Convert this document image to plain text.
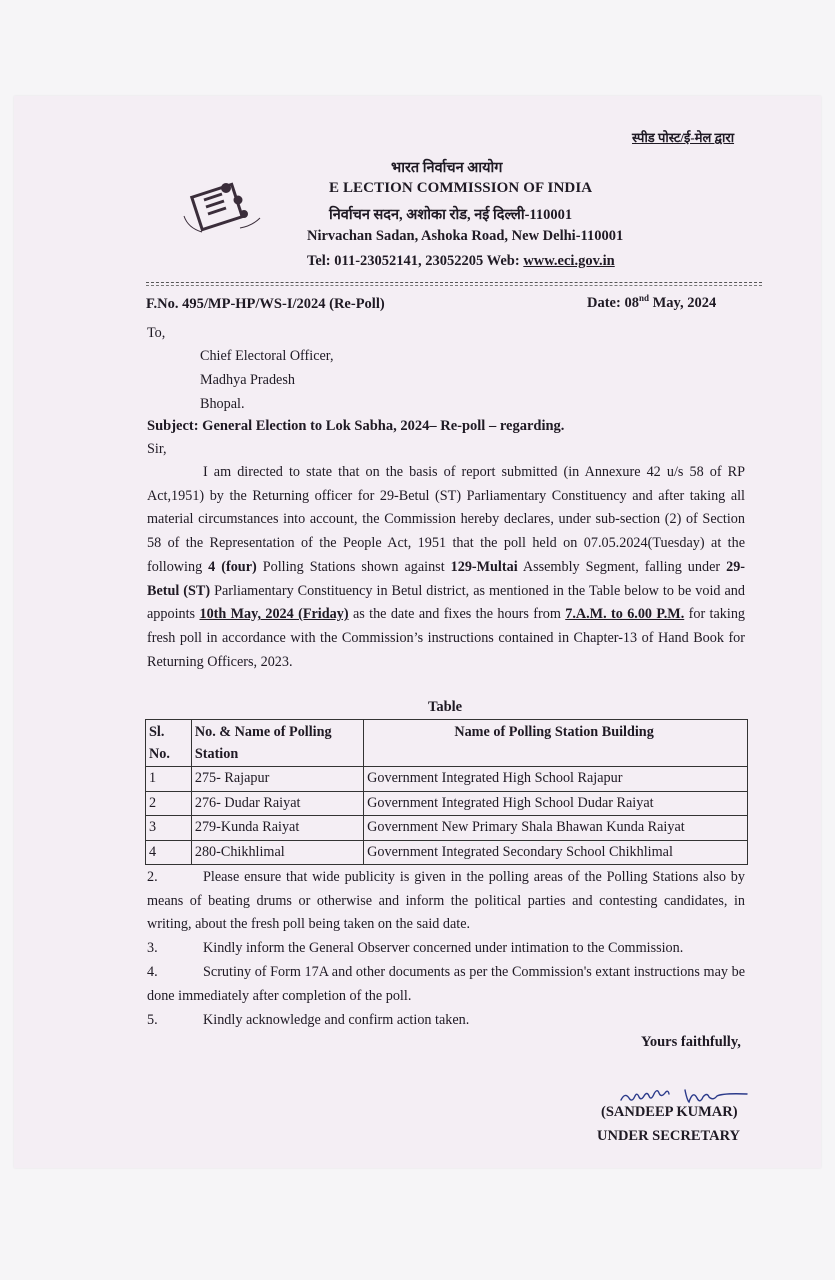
स्पीड पोस्ट/ई-मेल द्वारा
भारत निर्वाचन आयोग
E LECTION COMMISSION OF INDIA
निर्वाचन सदन, अशोका रोड, नई दिल्ली-110001
Nirvachan Sadan, Ashoka Road, New Delhi-110001
Tel: 011-23052141, 23052205 Web: www.eci.gov.in
F.No. 495/MP-HP/WS-I/2024 (Re-Poll)	Date: 08nd May, 2024
To,
Chief Electoral Officer,
Madhya Pradesh
Bhopal.
Subject: General Election to Lok Sabha, 2024– Re-poll – regarding.
Sir,

I am directed to state that on the basis of report submitted (in Annexure 42 u/s 58 of RP Act,1951) by the Returning officer for 29-Betul (ST) Parliamentary Constituency and after taking all material circumstances into account, the Commission hereby declares, under sub-section (2) of Section 58 of the Representation of the People Act, 1951 that the poll held on 07.05.2024(Tuesday) at the following 4 (four) Polling Stations shown against 129-Multai Assembly Segment, falling under 29- Betul (ST) Parliamentary Constituency in Betul district, as mentioned in the Table below to be void and appoints 10th May, 2024 (Friday) as the date and fixes the hours from 7.A.M. to 6.00 P.M. for taking fresh poll in accordance with the Commission’s instructions contained in Chapter-13 of Hand Book for Returning Officers, 2023.

Table
Sl. No.	No. & Name of Polling Station	Name of Polling Station Building
1	275- Rajapur	Government Integrated High School Rajapur
2	276- Dudar Raiyat	Government Integrated High School Dudar Raiyat
3	279-Kunda Raiyat	Government New Primary Shala Bhawan Kunda Raiyat
4	280-Chikhlimal	Government Integrated Secondary School Chikhlimal
2.	Please ensure that wide publicity is given in the polling areas of the Polling Stations also by means of beating drums or otherwise and inform the political parties and contesting candidates, in writing, about the fresh poll being taken on the said date.
3.	Kindly inform the General Observer concerned under intimation to the Commission.
4.	Scrutiny of Form 17A and other documents as per the Commission's extant instructions may be done immediately after completion of the poll.
5.	Kindly acknowledge and confirm action taken.
Yours faithfully,
(SANDEEP KUMAR)
UNDER SECRETARY
